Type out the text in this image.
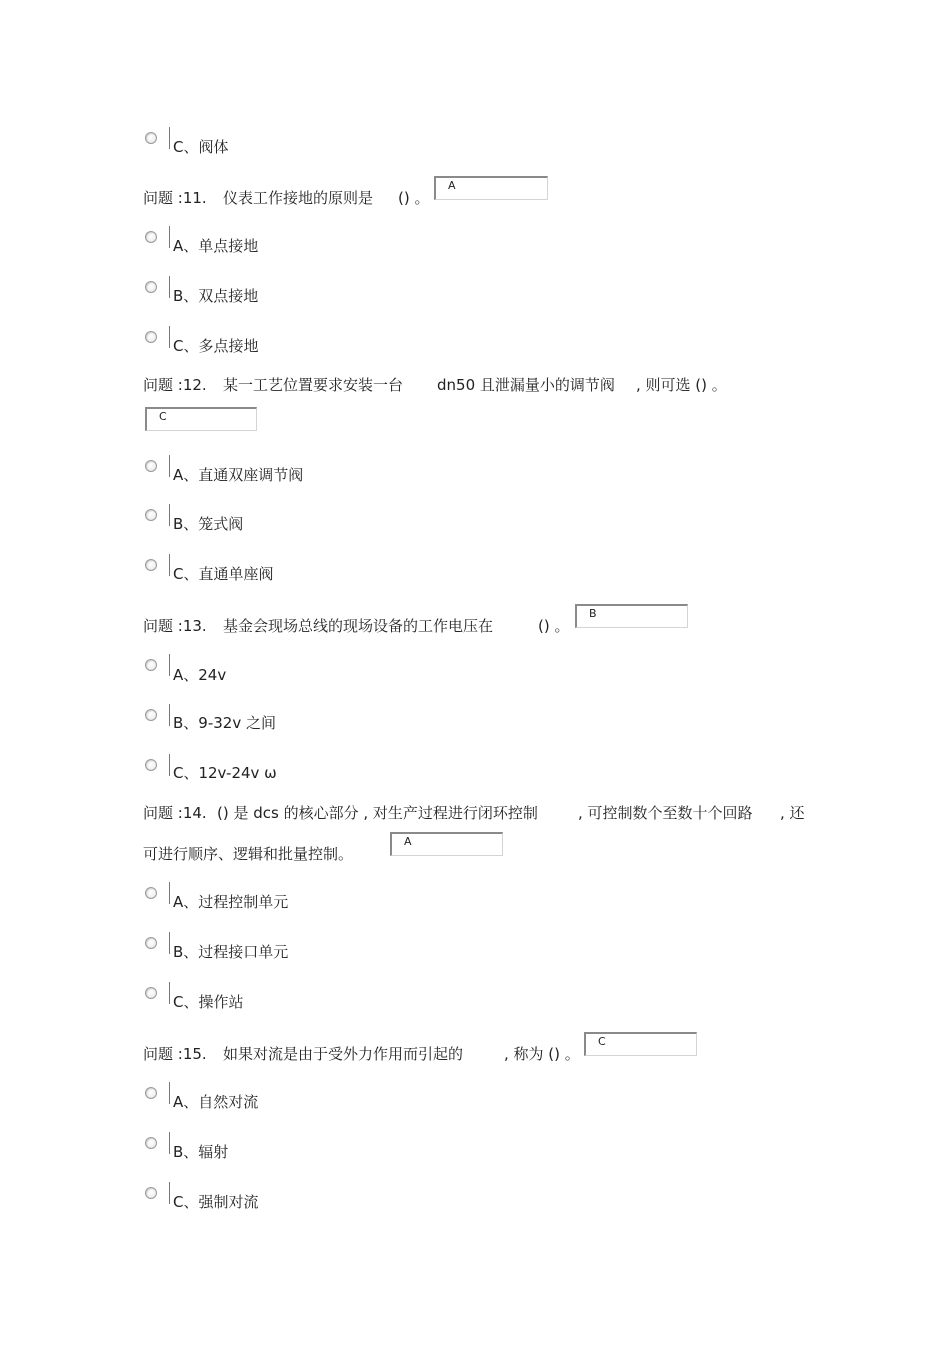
C、阀体
问题 :11. 仪表工作接地的原则是 () 。
A
A、单点接地
B、双点接地
C、多点接地
问题 :12. 某一工艺位置要求安装一台 dn50 且泄漏量小的调节阀 , 则可选 () 。
C
A、直通双座调节阀
B、笼式阀
C、直通单座阀
问题 :13. 基金会现场总线的现场设备的工作电压在	() 。
B
A、24v
B、9-32v 之间
C、12v-24v ω
问题 :14. () 是 dcs 的核心部分 , 对生产过程进行闭环控制	, 可控制数个至数十个回路 , 还
可进行顺序、逻辑和批量控制。
A
A、过程控制单元
B、过程接口单元
C、操作站
问题 :15. 如果对流是由于受外力作用而引起的	, 称为 () 。
C
A、自然对流
B、辐射
C、强制对流
